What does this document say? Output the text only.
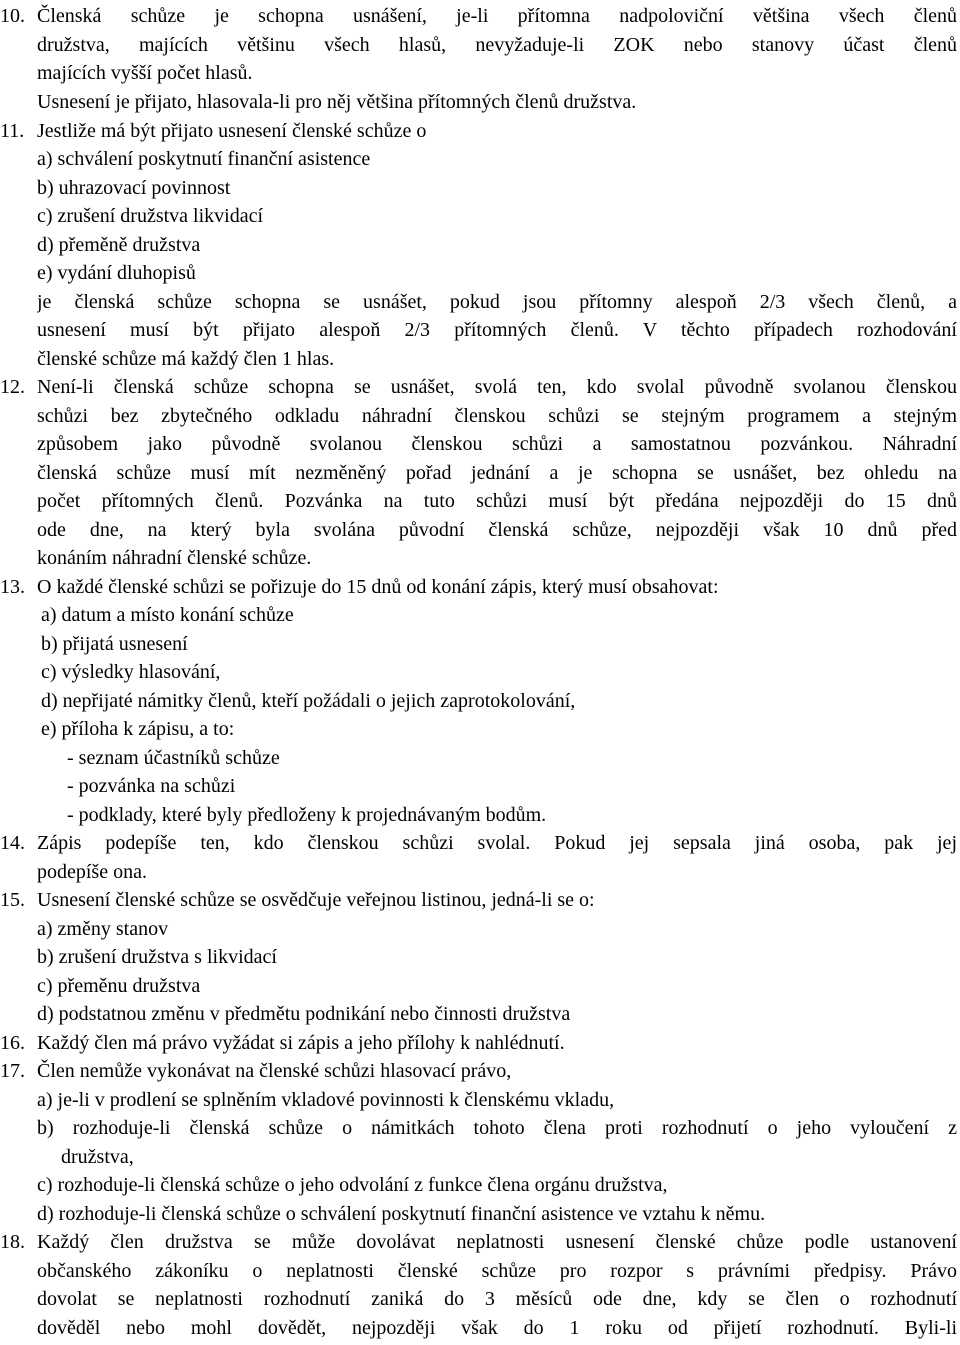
10. Členská schůze je schopna usnášení, je-li přítomna nadpoloviční většina všech členů
družstva, majících většinu všech hlasů, nevyžaduje-li ZOK nebo stanovy účast členů
majících vyšší počet hlasů.
Usnesení je přijato, hlasovala-li pro něj většina přítomných členů družstva.
11. Jestliže má být přijato usnesení členské schůze o
a) schválení poskytnutí finanční asistence
b) uhrazovací povinnost
c) zrušení družstva likvidací
d) přeměně družstva
e) vydání dluhopisů
je členská schůze schopna se usnášet, pokud jsou přítomny alespoň 2/3 všech členů, a
usnesení musí být přijato alespoň 2/3 přítomných členů. V těchto případech rozhodování
členské schůze má každý člen 1 hlas.
12. Není-li členská schůze schopna se usnášet, svolá ten, kdo svolal původně svolanou členskou
schůzi bez zbytečného odkladu náhradní členskou schůzi se stejným programem a stejným
způsobem jako původně svolanou členskou schůzi a samostatnou pozvánkou. Náhradní
členská schůze musí mít nezměněný pořad jednání a je schopna se usnášet, bez ohledu na
počet přítomných členů. Pozvánka na tuto schůzi musí být předána nejpozději do 15 dnů
ode dne, na který byla svolána původní členská schůze, nejpozději však 10 dnů před
konáním náhradní členské schůze.
13. O každé členské schůzi se pořizuje do 15 dnů od konání zápis, který musí obsahovat:
a) datum a místo konání schůze
b) přijatá usnesení
c) výsledky hlasování,
d) nepřijaté námitky členů, kteří požádali o jejich zaprotokolování,
e) příloha k zápisu, a to:
- seznam účastníků schůze
- pozvánka na schůzi
- podklady, které byly předloženy k projednávaným bodům.
14. Zápis podepíše ten, kdo členskou schůzi svolal. Pokud jej sepsala jiná osoba, pak jej
podepíše ona.
15. Usnesení členské schůze se osvědčuje veřejnou listinou, jedná-li se o:
a) změny stanov
b) zrušení družstva s likvidací
c) přeměnu družstva
d) podstatnou změnu v předmětu podnikání nebo činnosti družstva
16. Každý člen má právo vyžádat si zápis a jeho přílohy k nahlédnutí.
17. Člen nemůže vykonávat na členské schůzi hlasovací právo,
a) je-li v prodlení se splněním vkladové povinnosti k členskému vkladu,
b) rozhoduje-li členská schůze o námitkách tohoto člena proti rozhodnutí o jeho vyloučení z
družstva,
c) rozhoduje-li členská schůze o jeho odvolání z funkce člena orgánu družstva,
d) rozhoduje-li členská schůze o schválení poskytnutí finanční asistence ve vztahu k němu.
18. Každý člen družstva se může dovolávat neplatnosti usnesení členské chůze podle ustanovení
občanského zákoníku o neplatnosti členské schůze pro rozpor s právními předpisy. Právo
dovolat se neplatnosti rozhodnutí zaniká do 3 měsíců ode dne, kdy se člen o rozhodnutí
dověděl nebo mohl dovědět, nejpozději však do 1 roku od přijetí rozhodnutí. Byli-li
